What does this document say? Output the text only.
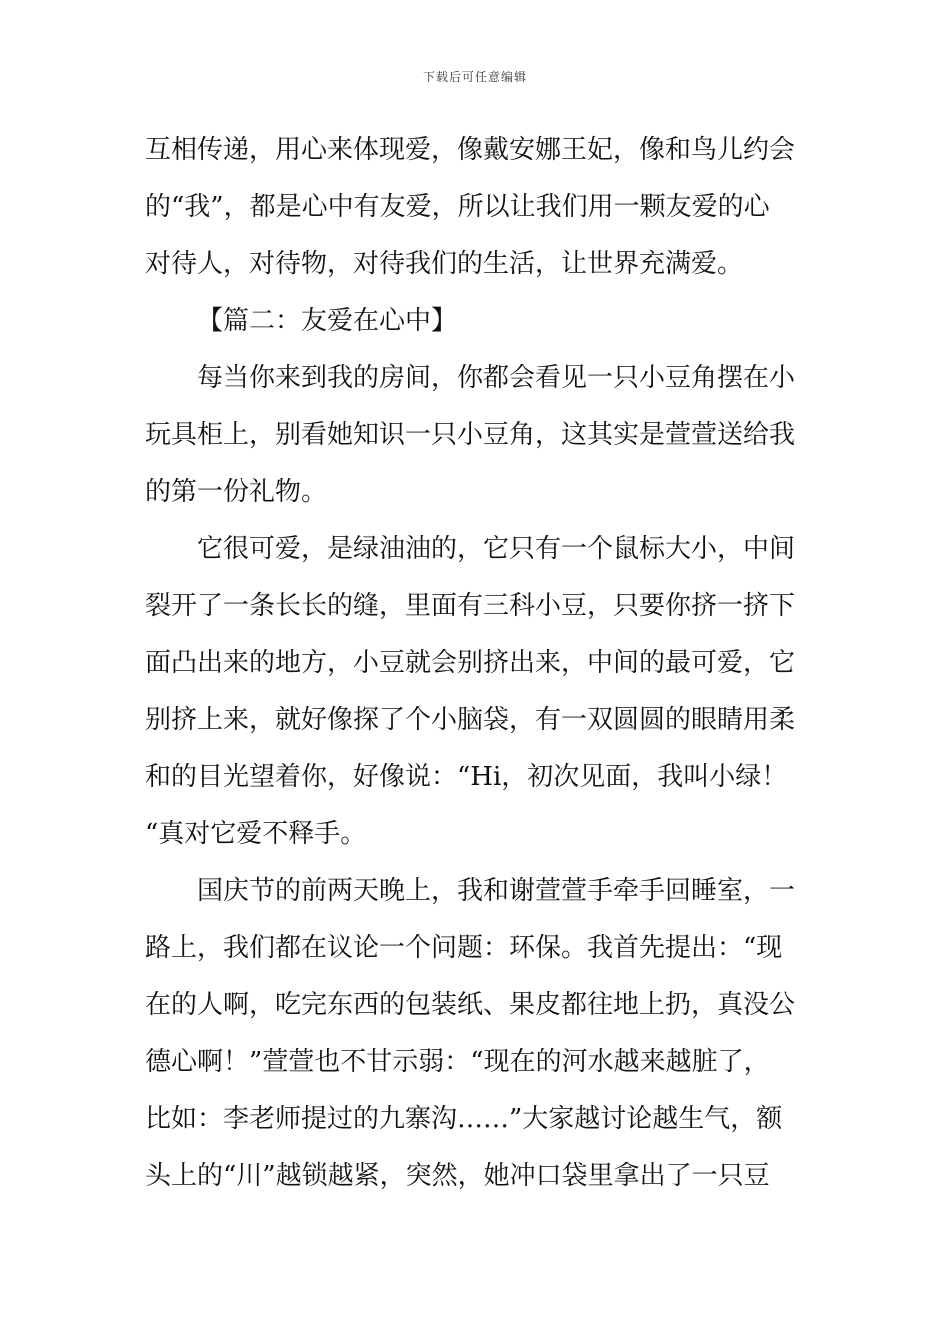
下载后可任意编辑
互相传递，用心来体现爱，像戴安娜王妃，像和鸟儿约会
的“我”，都是心中有友爱，所以让我们用一颗友爱的心
对待人，对待物，对待我们的生活，让世界充满爱。
【篇二：友爱在心中】
每当你来到我的房间，你都会看见一只小豆角摆在小
玩具柜上，别看她知识一只小豆角，这其实是萱萱送给我
的第一份礼物。
它很可爱，是绿油油的，它只有一个鼠标大小，中间
裂开了一条长长的缝，里面有三科小豆，只要你挤一挤下
面凸出来的地方，小豆就会别挤出来，中间的最可爱，它
别挤上来，就好像探了个小脑袋，有一双圆圆的眼睛用柔
和的目光望着你，好像说：“Hi，初次见面，我叫小绿！
“真对它爱不释手。
国庆节的前两天晚上，我和谢萱萱手牵手回睡室，一
路上，我们都在议论一个问题：环保。我首先提出：“现
在的人啊，吃完东西的包装纸、果皮都往地上扔，真没公
德心啊！”萱萱也不甘示弱：“现在的河水越来越脏了，
比如：李老师提过的九寨沟……”大家越讨论越生气，额
头上的“川”越锁越紧，突然，她冲口袋里拿出了一只豆
